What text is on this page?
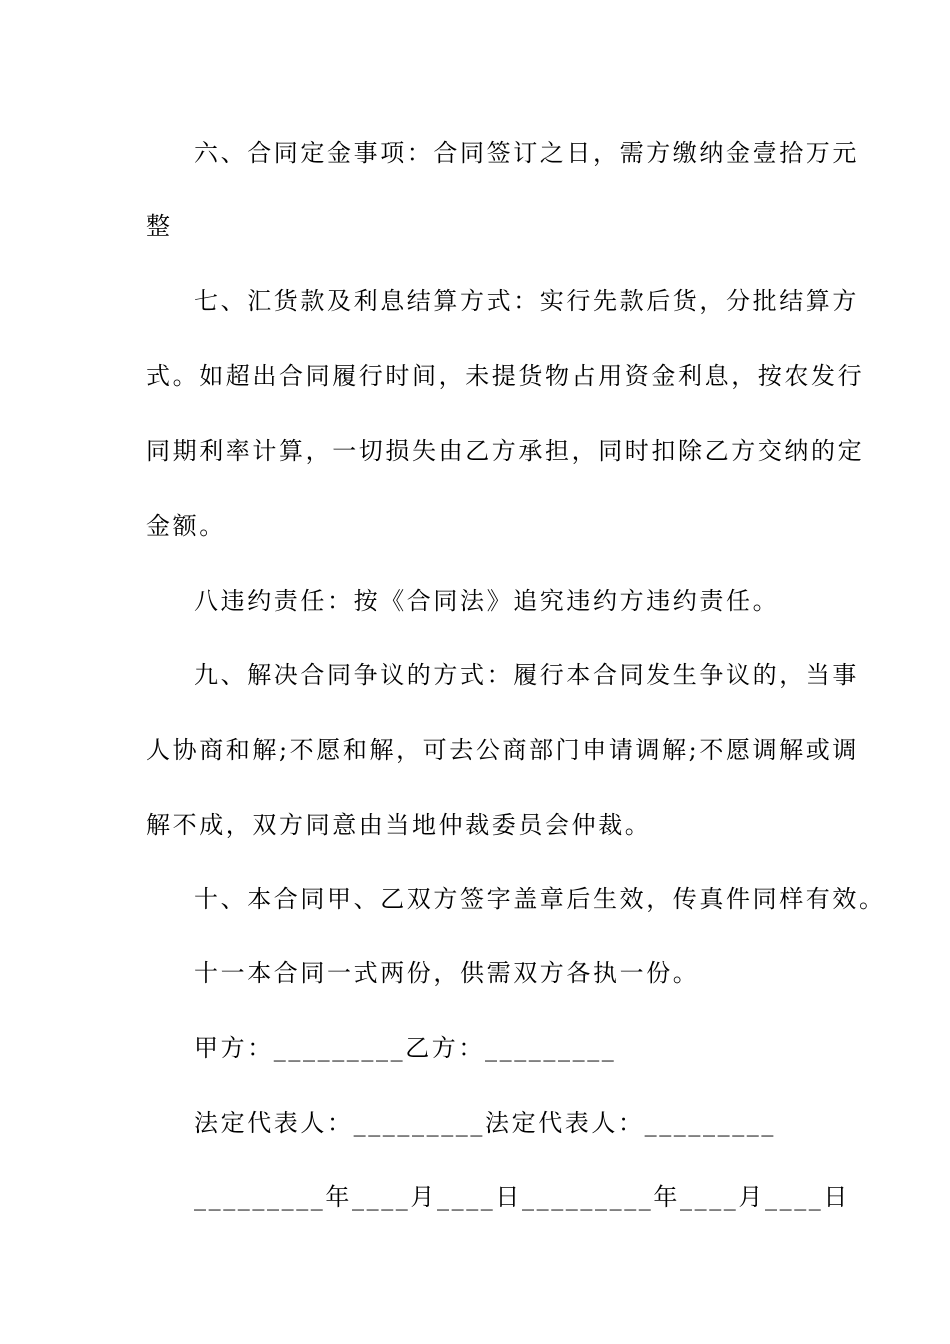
六、合同定金事项：合同签订之日，需方缴纳金壹拾万元
整
七、汇货款及利息结算方式：实行先款后货，分批结算方
式。如超出合同履行时间，未提货物占用资金利息，按农发行
同期利率计算，一切损失由乙方承担，同时扣除乙方交纳的定
金额。
八违约责任：按《合同法》追究违约方违约责任。
九、解决合同争议的方式：履行本合同发生争议的，当事
人协商和解;不愿和解，可去公商部门申请调解;不愿调解或调
解不成，双方同意由当地仲裁委员会仲裁。
十、本合同甲、乙双方签字盖章后生效，传真件同样有效。
十一本合同一式两份，供需双方各执一份。
甲方：_________乙方：_________
法定代表人：_________法定代表人：_________
_________年____月____日_________年____月____日
